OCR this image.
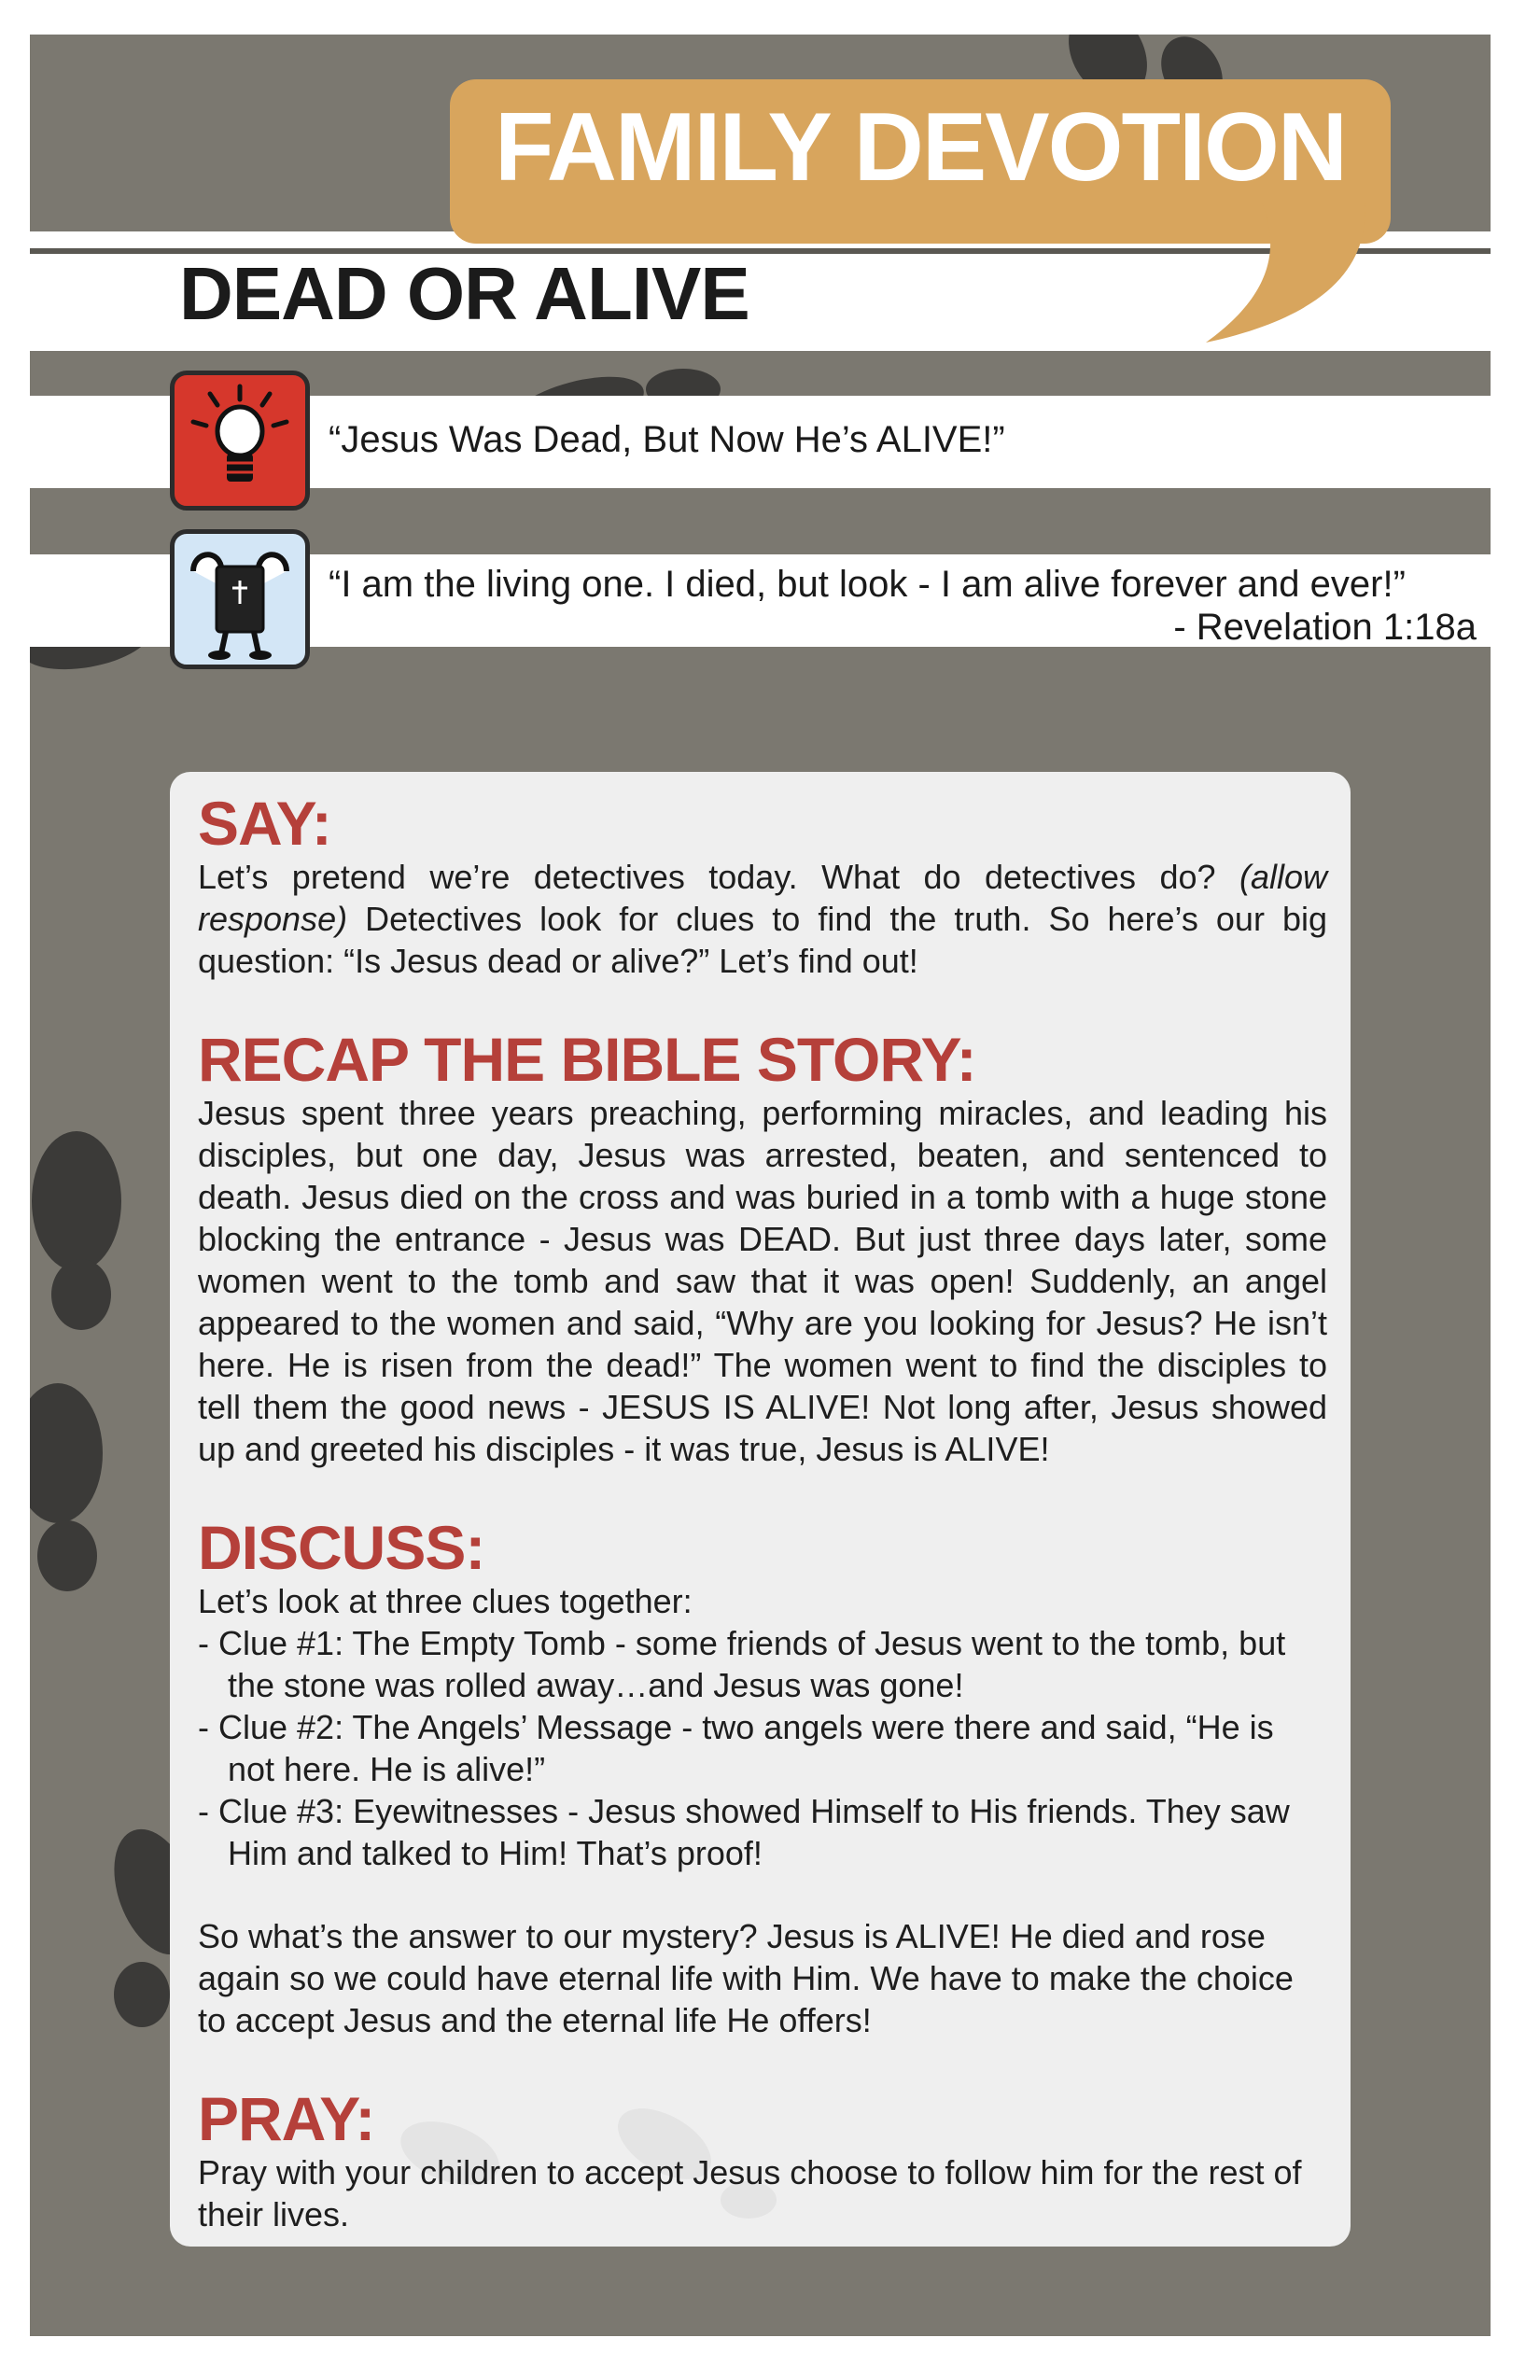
FAMILY DEVOTION
DEAD OR ALIVE
“Jesus Was Dead, But Now He’s ALIVE!”
“I am the living one. I died, but look - I am alive forever and ever!”
- Revelation 1:18a
SAY:

Let’s pretend we’re detectives today. What do detectives do? (allow response) Detectives look for clues to find the truth. So here’s our big question: “Is Jesus dead or alive?” Let’s find out!

RECAP THE BIBLE STORY:

Jesus spent three years preaching, performing miracles, and leading his disciples, but one day, Jesus was arrested, beaten, and sentenced to death. Jesus died on the cross and was buried in a tomb with a huge stone blocking the entrance - Jesus was DEAD. But just three days later, some women went to the tomb and saw that it was open! Suddenly, an angel appeared to the women and said, “Why are you looking for Jesus? He isn’t here. He is risen from the dead!” The women went to find the disciples to tell them the good news - JESUS IS ALIVE! Not long after, Jesus showed up and greeted his disciples - it was true, Jesus is ALIVE!

DISCUSS:

Let’s look at three clues together:

- Clue #1: The Empty Tomb - some friends of Jesus went to the tomb, but the stone was rolled away…and Jesus was gone!

- Clue #2: The Angels’ Message - two angels were there and said, “He is not here. He is alive!”

- Clue #3: Eyewitnesses - Jesus showed Himself to His friends. They saw Him and talked to Him! That’s proof!

So what’s the answer to our mystery? Jesus is ALIVE! He died and rose again so we could have eternal life with Him. We have to make the choice to accept Jesus and the eternal life He offers!

PRAY:

Pray with your children to accept Jesus choose to follow him for the rest of their lives.
